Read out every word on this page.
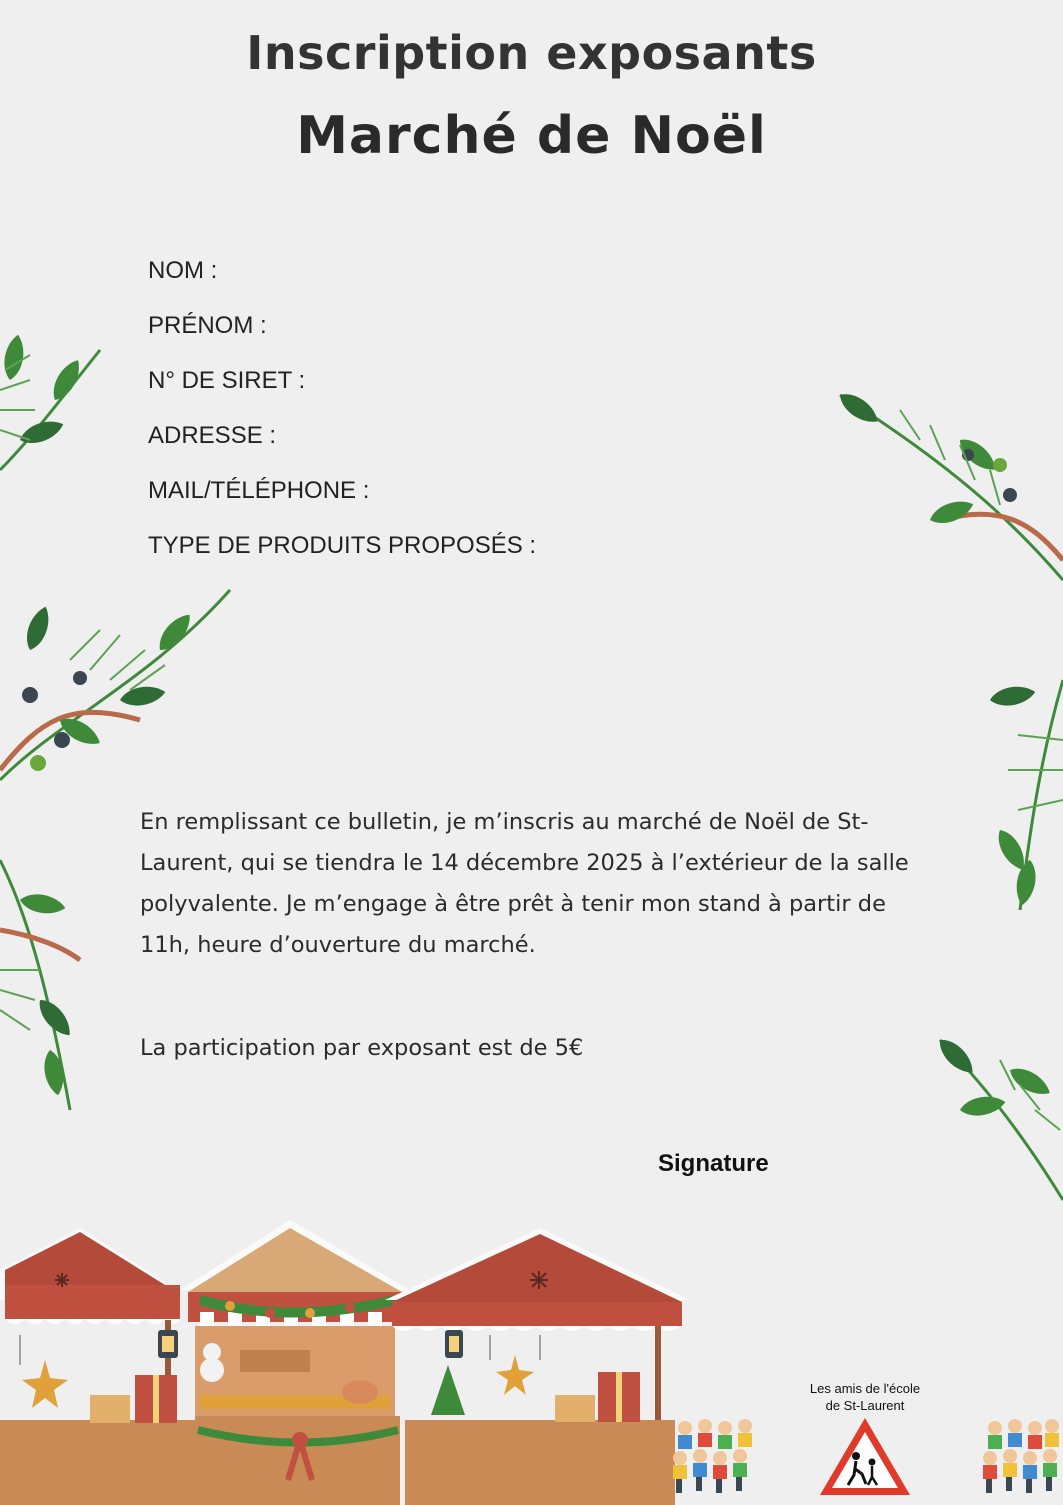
Inscription exposants
Marché de Noël
NOM :
PRÉNOM :
N° DE SIRET :
ADRESSE :
MAIL/TÉLÉPHONE :
TYPE DE PRODUITS PROPOSÉS :
En remplissant ce bulletin, je m’inscris au marché de Noël de St-Laurent, qui se tiendra le 14 décembre 2025 à l’extérieur de la salle polyvalente. Je m’engage à être prêt à tenir mon stand à partir de 11h, heure d’ouverture du marché.
La participation par exposant est de 5€
Signature
Les amis de l'école
de St-Laurent
